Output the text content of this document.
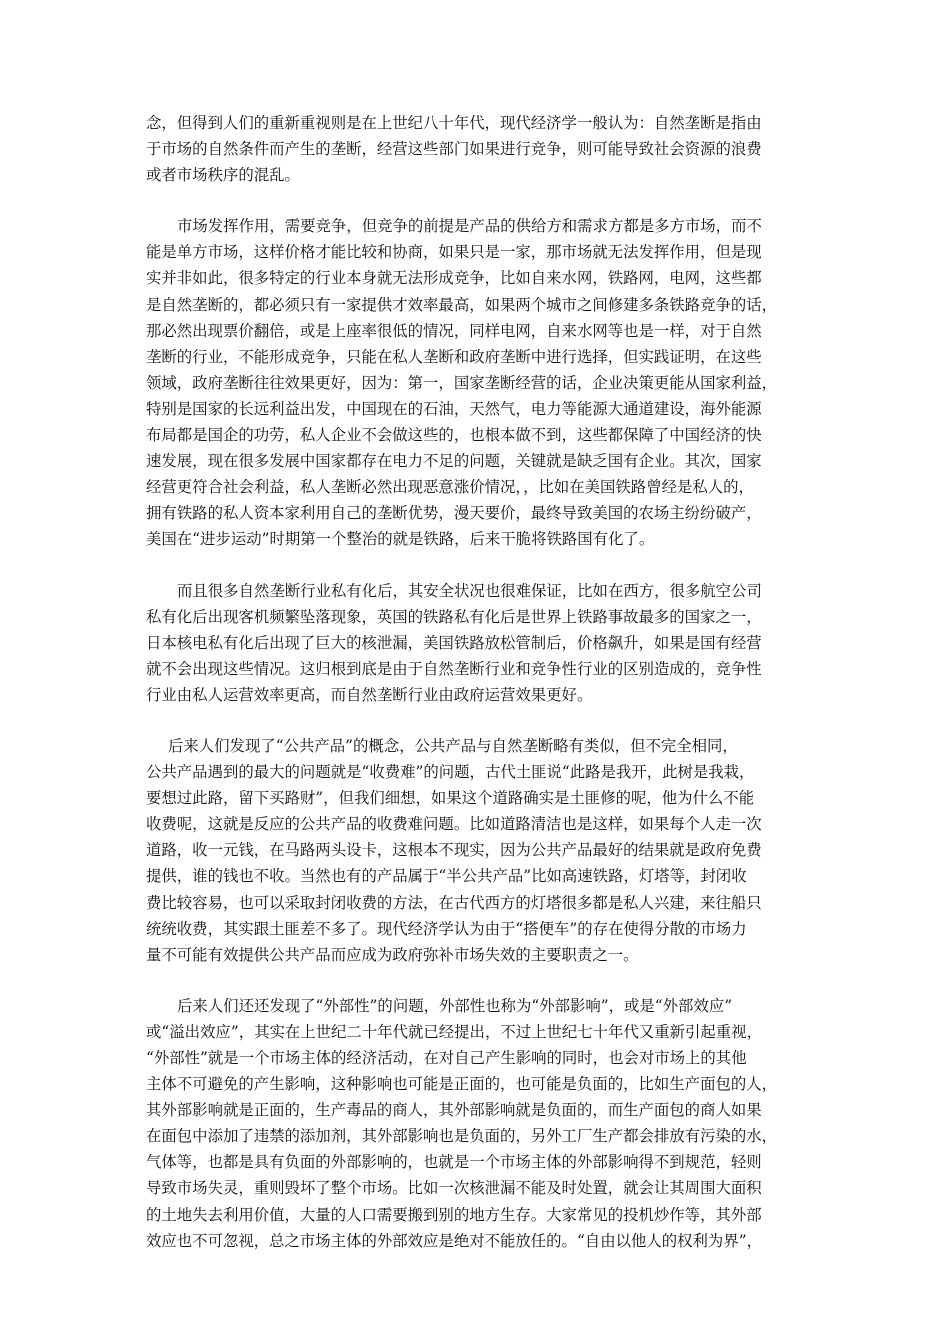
念，但得到人们的重新重视则是在上世纪八十年代，现代经济学一般认为：自然垄断是指由
于市场的自然条件而产生的垄断，经营这些部门如果进行竞争，则可能导致社会资源的浪费
或者市场秩序的混乱。
市场发挥作用，需要竞争，但竞争的前提是产品的供给方和需求方都是多方市场，而不
能是单方市场，这样价格才能比较和协商，如果只是一家，那市场就无法发挥作用，但是现
实并非如此，很多特定的行业本身就无法形成竞争，比如自来水网，铁路网，电网，这些都
是自然垄断的，都必须只有一家提供才效率最高，如果两个城市之间修建多条铁路竞争的话，
那必然出现票价翻倍，或是上座率很低的情况，同样电网，自来水网等也是一样，对于自然
垄断的行业，不能形成竞争，只能在私人垄断和政府垄断中进行选择，但实践证明，在这些
领域，政府垄断往往效果更好，因为：第一，国家垄断经营的话，企业决策更能从国家利益，
特别是国家的长远利益出发，中国现在的石油，天然气，电力等能源大通道建设，海外能源
布局都是国企的功劳，私人企业不会做这些的，也根本做不到，这些都保障了中国经济的快
速发展，现在很多发展中国家都存在电力不足的问题，关键就是缺乏国有企业。其次，国家
经营更符合社会利益，私人垄断必然出现恶意涨价情况，，比如在美国铁路曾经是私人的，
拥有铁路的私人资本家利用自己的垄断优势，漫天要价，最终导致美国的农场主纷纷破产，
美国在“进步运动”时期第一个整治的就是铁路，后来干脆将铁路国有化了。
而且很多自然垄断行业私有化后，其安全状况也很难保证，比如在西方，很多航空公司
私有化后出现客机频繁坠落现象，英国的铁路私有化后是世界上铁路事故最多的国家之一，
日本核电私有化后出现了巨大的核泄漏，美国铁路放松管制后，价格飙升，如果是国有经营
就不会出现这些情况。这归根到底是由于自然垄断行业和竞争性行业的区别造成的，竞争性
行业由私人运营效率更高，而自然垄断行业由政府运营效果更好。
后来人们发现了“公共产品”的概念，公共产品与自然垄断略有类似，但不完全相同，
公共产品遇到的最大的问题就是“收费难”的问题，古代土匪说“此路是我开，此树是我栽，
要想过此路，留下买路财”，但我们细想，如果这个道路确实是土匪修的呢，他为什么不能
收费呢，这就是反应的公共产品的收费难问题。比如道路清洁也是这样，如果每个人走一次
道路，收一元钱，在马路两头设卡，这根本不现实，因为公共产品最好的结果就是政府免费
提供，谁的钱也不收。当然也有的产品属于“半公共产品”比如高速铁路，灯塔等，封闭收
费比较容易，也可以采取封闭收费的方法，在古代西方的灯塔很多都是私人兴建，来往船只
统统收费，其实跟土匪差不多了。现代经济学认为由于“搭便车”的存在使得分散的市场力
量不可能有效提供公共产品而应成为政府弥补市场失效的主要职责之一。
后来人们还还发现了“外部性”的问题，外部性也称为“外部影响”，或是“外部效应”
或“溢出效应”，其实在上世纪二十年代就已经提出，不过上世纪七十年代又重新引起重视，
“外部性”就是一个市场主体的经济活动，在对自己产生影响的同时，也会对市场上的其他
主体不可避免的产生影响，这种影响也可能是正面的，也可能是负面的，比如生产面包的人，
其外部影响就是正面的，生产毒品的商人，其外部影响就是负面的，而生产面包的商人如果
在面包中添加了违禁的添加剂，其外部影响也是负面的，另外工厂生产都会排放有污染的水，
气体等，也都是具有负面的外部影响的，也就是一个市场主体的外部影响得不到规范，轻则
导致市场失灵，重则毁坏了整个市场。比如一次核泄漏不能及时处置，就会让其周围大面积
的土地失去利用价值，大量的人口需要搬到别的地方生存。大家常见的投机炒作等，其外部
效应也不可忽视，总之市场主体的外部效应是绝对不能放任的。“自由以他人的权利为界”，
